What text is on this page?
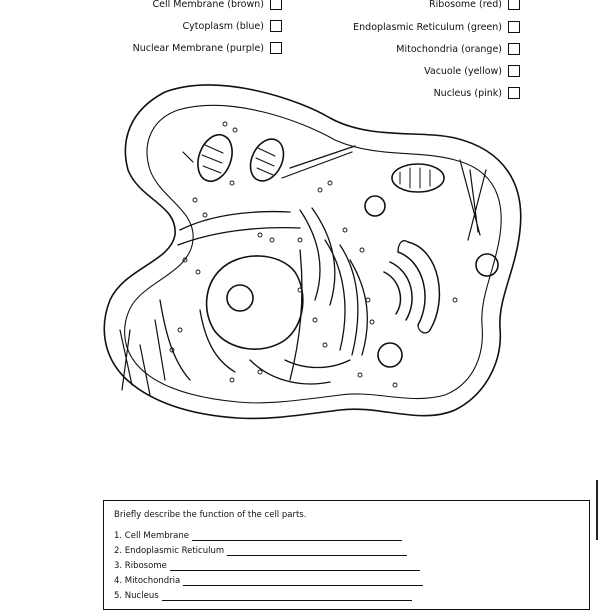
Cell Membrane (brown)
Cytoplasm (blue)
Nuclear Membrane (purple)
Ribosome (red)
Endoplasmic Reticulum (green)
Mitochondria (orange)
Vacuole (yellow)
Nucleus (pink)
Briefly describe the function of the cell parts.
1. Cell Membrane
2. Endoplasmic Reticulum
3. Ribosome
4. Mitochondria
5. Nucleus
